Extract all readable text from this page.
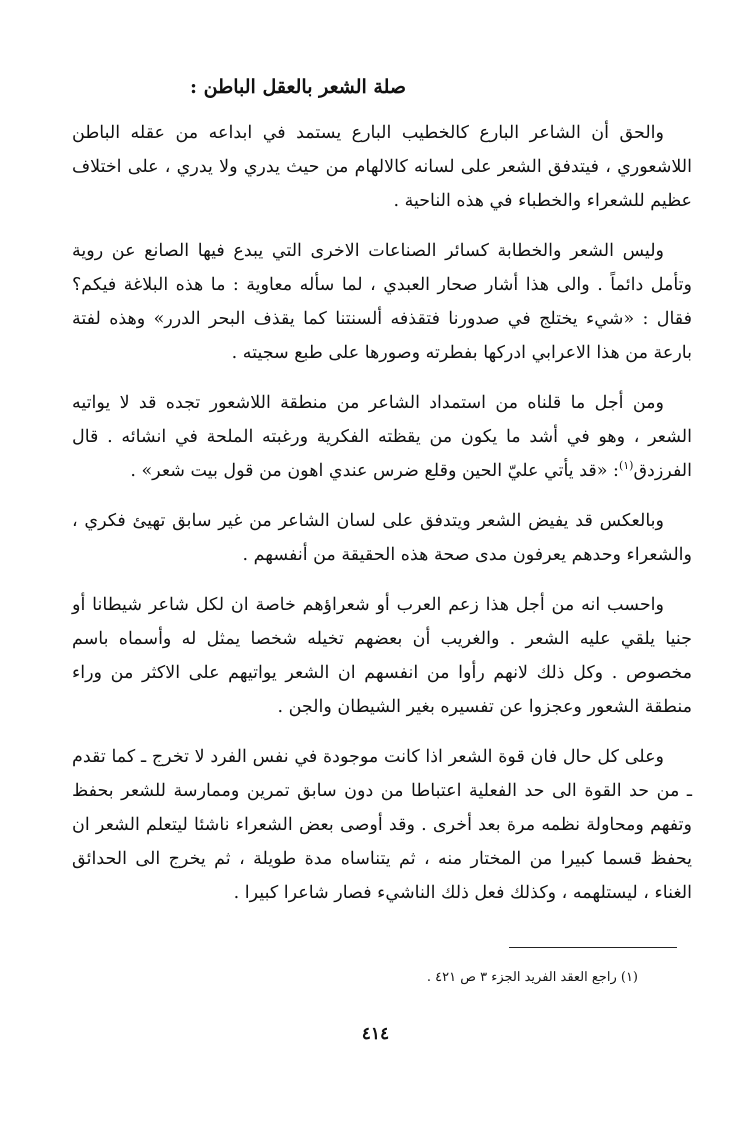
صلة الشعر بالعقل الباطن :

والحق أن الشاعر البارع كالخطيب البارع يستمد في ابداعه من عقله الباطن اللاشعوري ، فيتدفق الشعر على لسانه كالالهام من حيث يدري ولا يدري ، على اختلاف عظيم للشعراء والخطباء في هذه الناحية .

وليس الشعر والخطابة كسائر الصناعات الاخرى التي يبدع فيها الصانع عن روية وتأمل دائماً . والى هذا أشار صحار العبدي ، لما سأله معاوية : ما هذه البلاغة فيكم؟ فقال : «شيء يختلج في صدورنا فتقذفه ألسنتنا كما يقذف البحر الدرر» وهذه لفتة بارعة من هذا الاعرابي ادركها بفطرته وصورها على طبع سجيته .

ومن أجل ما قلناه من استمداد الشاعر من منطقة اللاشعور تجده قد لا يواتيه الشعر ، وهو في أشد ما يكون من يقظته الفكرية ورغبته الملحة في انشائه . قال الفرزدق$^{(١)}$: «قد يأتي عليّ الحين وقلع ضرس عندي اهون من قول بيت شعر» .

وبالعكس قد يفيض الشعر ويتدفق على لسان الشاعر من غير سابق تهيئ فكري ، والشعراء وحدهم يعرفون مدى صحة هذه الحقيقة من أنفسهم .

واحسب انه من أجل هذا زعم العرب أو شعراؤهم خاصة ان لكل شاعر شيطانا أو جنيا يلقي عليه الشعر . والغريب أن بعضهم تخيله شخصا يمثل له وأسماه باسم مخصوص . وكل ذلك لانهم رأوا من انفسهم ان الشعر يواتيهم على الاكثر من وراء منطقة الشعور وعجزوا عن تفسيره بغير الشيطان والجن .

وعلى كل حال فان قوة الشعر اذا كانت موجودة في نفس الفرد لا تخرج ـ كما تقدم ـ من حد القوة الى حد الفعلية اعتباطا من دون سابق تمرين وممارسة للشعر بحفظ وتفهم ومحاولة نظمه مرة بعد أخرى . وقد أوصى بعض الشعراء ناشئا ليتعلم الشعر ان يحفظ قسما كبيرا من المختار منه ، ثم يتناساه مدة طويلة ، ثم يخرج الى الحدائق الغناء ، ليستلهمه ، وكذلك فعل ذلك الناشيء فصار شاعرا كبيرا .

(١) راجع العقد الفريد الجزء ٣ ص ٤٢١ .
٤١٤
